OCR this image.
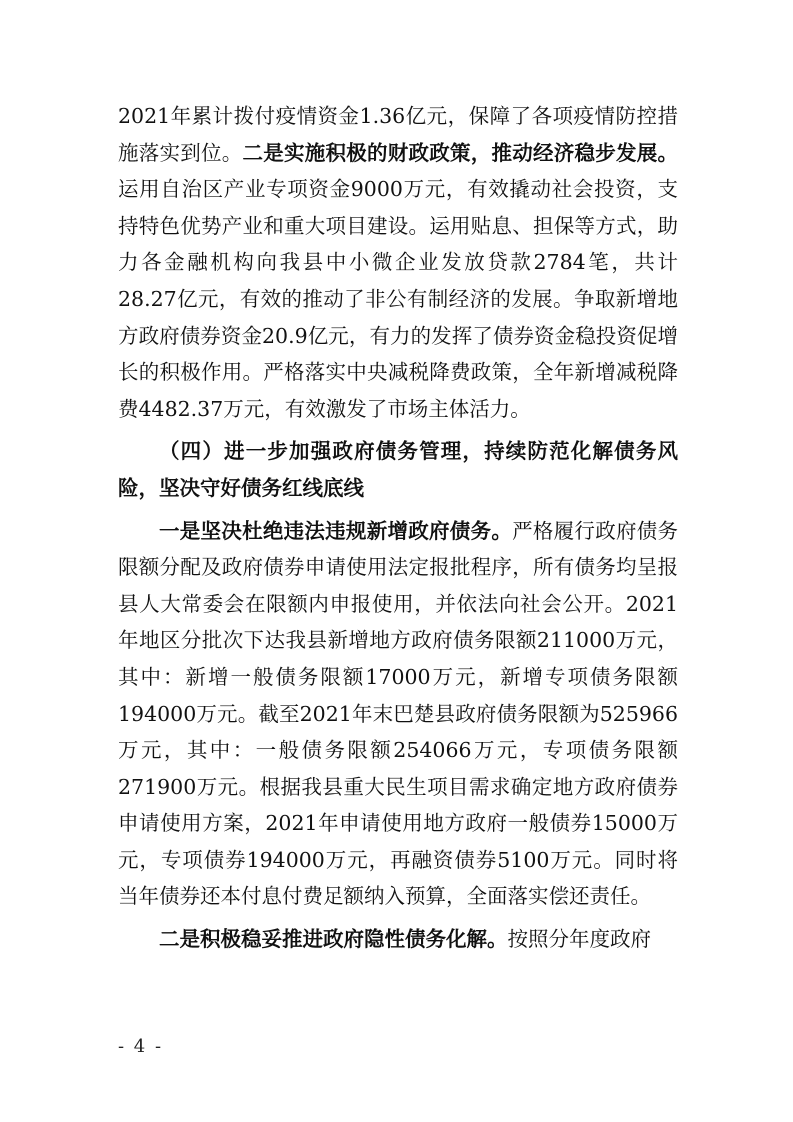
2021年累计拨付疫情资金1.36亿元，保障了各项疫情防控措施落实到位。二是实施积极的财政政策，推动经济稳步发展。运用自治区产业专项资金9000万元，有效撬动社会投资，支持特色优势产业和重大项目建设。运用贴息、担保等方式，助力各金融机构向我县中小微企业发放贷款2784笔，共计28.27亿元，有效的推动了非公有制经济的发展。争取新增地方政府债券资金20.9亿元，有力的发挥了债券资金稳投资促增长的积极作用。严格落实中央减税降费政策，全年新增减税降费4482.37万元，有效激发了市场主体活力。

（四）进一步加强政府债务管理，持续防范化解债务风险，坚决守好债务红线底线

一是坚决杜绝违法违规新增政府债务。严格履行政府债务限额分配及政府债券申请使用法定报批程序，所有债务均呈报县人大常委会在限额内申报使用，并依法向社会公开。2021年地区分批次下达我县新增地方政府债务限额211000万元，其中：新增一般债务限额17000万元，新增专项债务限额194000万元。截至2021年末巴楚县政府债务限额为525966万元，其中：一般债务限额254066万元，专项债务限额271900万元。根据我县重大民生项目需求确定地方政府债券申请使用方案，2021年申请使用地方政府一般债券15000万元，专项债券194000万元，再融资债券5100万元。同时将当年债券还本付息付费足额纳入预算，全面落实偿还责任。

二是积极稳妥推进政府隐性债务化解。按照分年度政府

- 4 -
